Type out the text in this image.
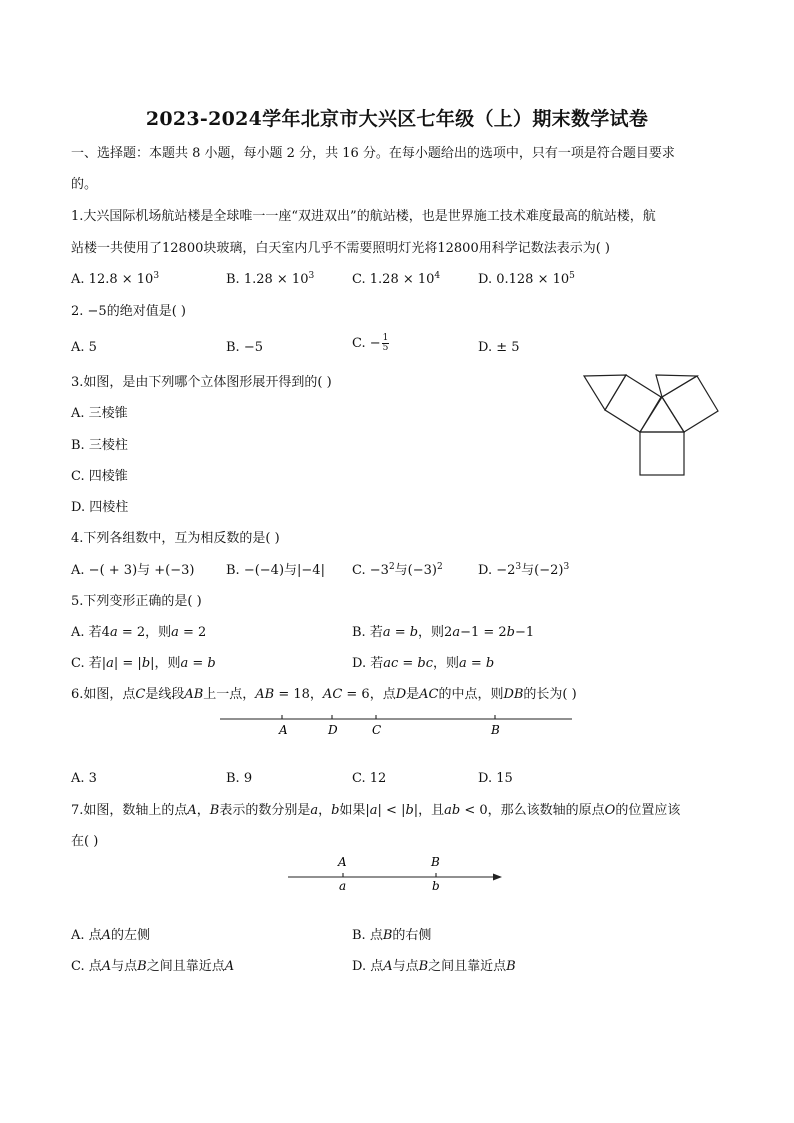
2023-2024学年北京市大兴区七年级（上）期末数学试卷
一、选择题：本题共 8 小题，每小题 2 分，共 16 分。在每小题给出的选项中，只有一项是符合题目要求
的。
1.大兴国际机场航站楼是全球唯一一座“双进双出”的航站楼，也是世界施工技术难度最高的航站楼，航
站楼一共使用了12800块玻璃，白天室内几乎不需要照明灯光将12800用科学记数法表示为( )
A. $12.8 \times 10^3$	B. $1.28 \times 10^3$	C. $1.28 \times 10^4$	D. $0.128 \times 10^5$
2. −5的绝对值是( )
A. 5	B. −5	C. − $\frac{1}{5}$	D. ± 5
3.如图，是由下列哪个立体图形展开得到的( )
A. 三棱锥
B. 三棱柱
C. 四棱锥
D. 四棱柱
4.下列各组数中，互为相反数的是( )
A. −( + 3)与 +(−3) B. −(−4)与|−4| C. $-3^2$与$(-3)^2$	D. $-2^3$与$(-2)^3$
5.下列变形正确的是( )
A. 若4𝑎 = 2，则𝑎 = 2	B. 若𝑎 = 𝑏，则2𝑎−1 = 2𝑏−1
C. 若|𝑎| = |𝑏|，则𝑎 = 𝑏	D. 若𝑎𝑐 = 𝑏𝑐，则𝑎 = 𝑏
6.如图，点𝐶是线段𝐴𝐵上一点，𝐴𝐵 = 18，𝐴𝐶 = 6，点𝐷是𝐴𝐶的中点，则𝐷𝐵的长为( )
A	D	C	B
A. 3	B. 9	C. 12	D. 15
7.如图，数轴上的点𝐴，𝐵表示的数分别是𝑎，𝑏如果|𝑎| < |𝑏|，且𝑎𝑏 < 0，那么该数轴的原点𝑂的位置应该
在( )
A	B
a	b
A. 点𝐴的左侧	B. 点𝐵的右侧
C. 点𝐴与点𝐵之间且靠近点𝐴	D. 点𝐴与点𝐵之间且靠近点𝐵
